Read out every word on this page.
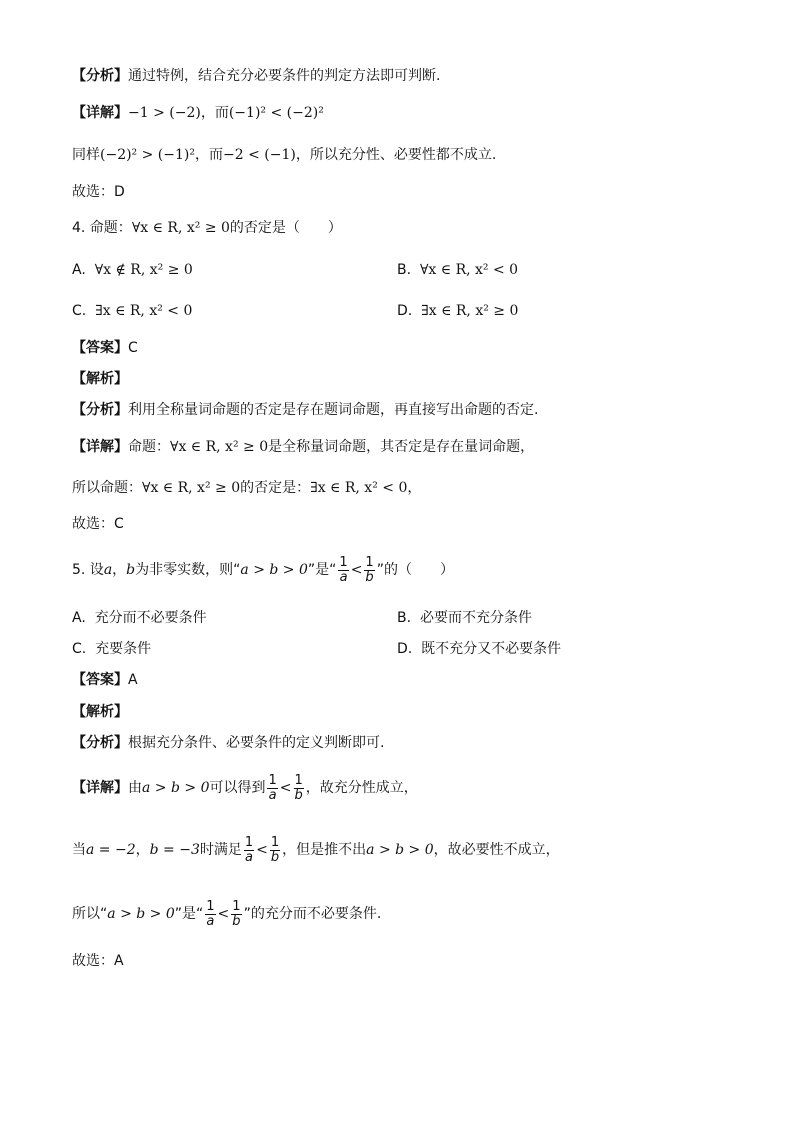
【分析】通过特例，结合充分必要条件的判定方法即可判断.
【详解】−1 > (−2)，而(−1)² < (−2)²
同样(−2)² > (−1)²，而−2 < (−1)，所以充分性、必要性都不成立.
故选：D
4. 命题：∀x ∈ R, x² ≥ 0的否定是（　　）
A. ∀x ∉ R, x² ≥ 0	B. ∀x ∈ R, x² < 0
C. ∃x ∈ R, x² < 0	D. ∃x ∈ R, x² ≥ 0
【答案】C
【解析】
【分析】利用全称量词命题的否定是存在题词命题，再直接写出命题的否定.
【详解】命题：∀x ∈ R, x² ≥ 0是全称量词命题，其否定是存在量词命题，
所以命题：∀x ∈ R, x² ≥ 0的否定是：∃x ∈ R, x² < 0，
故选：C
5. 设a，b为非零实数，则“a > b > 0”是“ $\frac{1}{a} < \frac{1}{b}$ ”的（　　）
A. 充分而不必要条件	B. 必要而不充分条件
C. 充要条件	D. 既不充分又不必要条件
【答案】A
【解析】
【分析】根据充分条件、必要条件的定义判断即可.
【详解】由a > b > 0可以得到 $\frac{1}{a} < \frac{1}{b}$ ，故充分性成立，
当a = −2，b = −3时满足 $\frac{1}{a} < \frac{1}{b}$ ，但是推不出a > b > 0，故必要性不成立，
所以“a > b > 0”是“ $\frac{1}{a} < \frac{1}{b}$ ”的充分而不必要条件.
故选：A
